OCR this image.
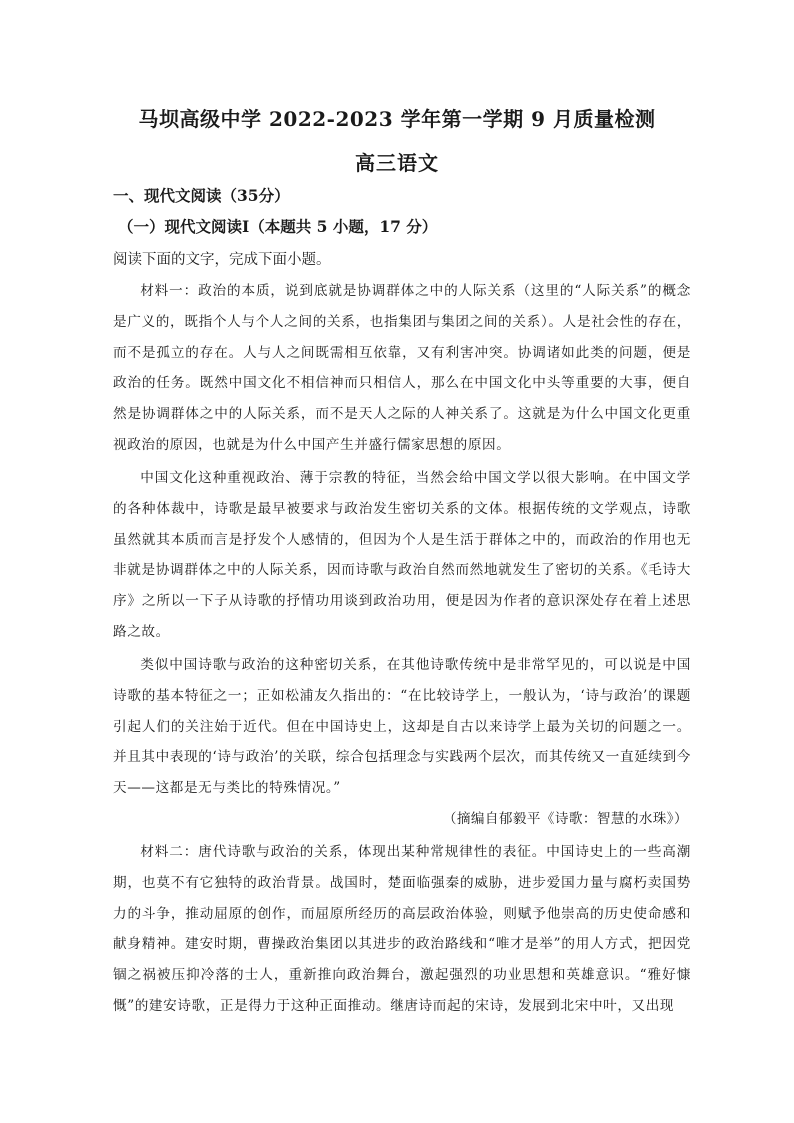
马坝高级中学 2022-2023 学年第一学期 9 月质量检测
高三语文
一、现代文阅读（35分）
（一）现代文阅读Ⅰ（本题共 5 小题，17 分）
阅读下面的文字，完成下面小题。

材料一：政治的本质，说到底就是协调群体之中的人际关系（这里的“人际关系”的概念是广义的，既指个人与个人之间的关系，也指集团与集团之间的关系）。人是社会性的存在，而不是孤立的存在。人与人之间既需相互依靠，又有利害冲突。协调诸如此类的问题，便是政治的任务。既然中国文化不相信神而只相信人，那么在中国文化中头等重要的大事，便自然是协调群体之中的人际关系，而不是天人之际的人神关系了。这就是为什么中国文化更重视政治的原因，也就是为什么中国产生并盛行儒家思想的原因。

中国文化这种重视政治、薄于宗教的特征，当然会给中国文学以很大影响。在中国文学的各种体裁中，诗歌是最早被要求与政治发生密切关系的文体。根据传统的文学观点，诗歌虽然就其本质而言是抒发个人感情的，但因为个人是生活于群体之中的，而政治的作用也无非就是协调群体之中的人际关系，因而诗歌与政治自然而然地就发生了密切的关系。《毛诗大序》之所以一下子从诗歌的抒情功用谈到政治功用，便是因为作者的意识深处存在着上述思路之故。

类似中国诗歌与政治的这种密切关系，在其他诗歌传统中是非常罕见的，可以说是中国诗歌的基本特征之一；正如松浦友久指出的：“在比较诗学上，一般认为，‘诗与政治’的课题引起人们的关注始于近代。但在中国诗史上，这却是自古以来诗学上最为关切的问题之一。并且其中表现的‘诗与政治’的关联，综合包括理念与实践两个层次，而其传统又一直延续到今天——这都是无与类比的特殊情况。”

（摘编自郁毅平《诗歌：智慧的水珠》）

材料二：唐代诗歌与政治的关系，体现出某种常规律性的表征。中国诗史上的一些高潮期，也莫不有它独特的政治背景。战国时，楚面临强秦的威胁，进步爱国力量与腐朽卖国势力的斗争，推动屈原的创作，而屈原所经历的高层政治体验，则赋予他崇高的历史使命感和献身精神。建安时期，曹操政治集团以其进步的政治路线和“唯才是举”的用人方式，把因党锢之祸被压抑冷落的士人，重新推向政治舞台，激起强烈的功业思想和英雄意识。“雅好慷慨”的建安诗歌，正是得力于这种正面推动。继唐诗而起的宋诗，发展到北宋中叶，又出现
